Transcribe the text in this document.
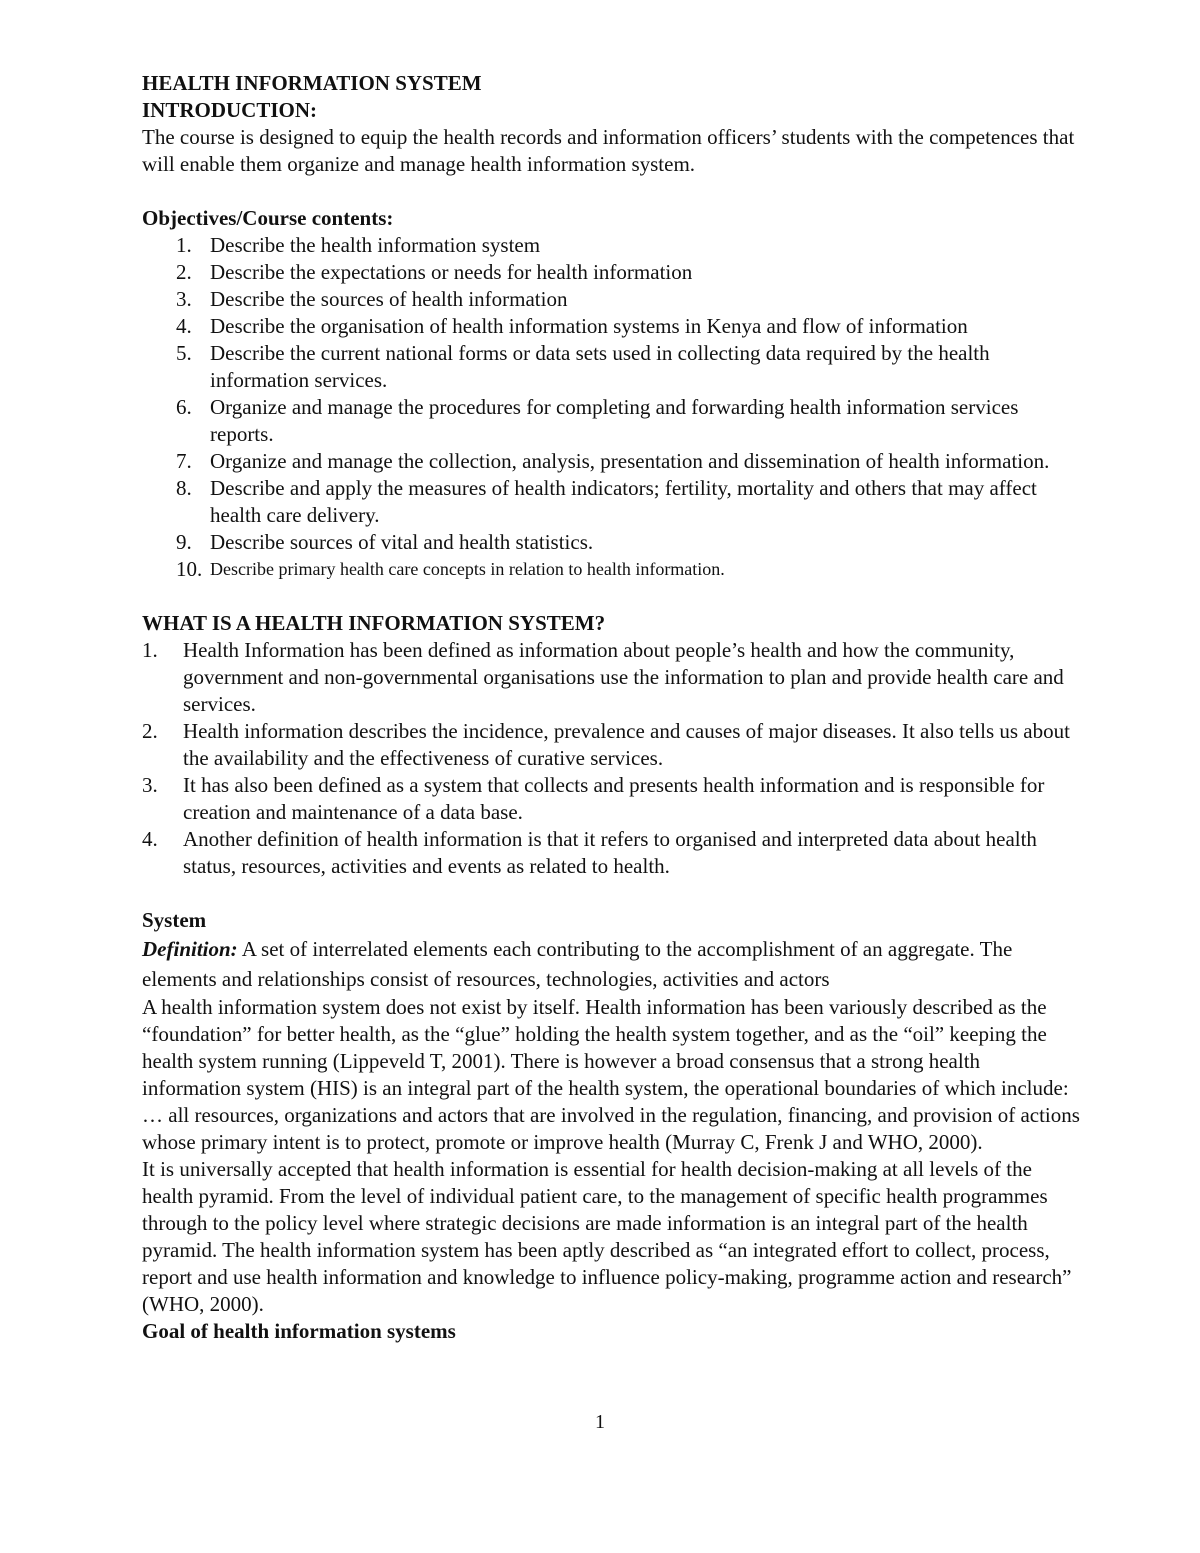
HEALTH INFORMATION SYSTEM

INTRODUCTION:

The course is designed to equip the health records and information officers’ students with the competences that will enable them organize and manage health information system.

Objectives/Course contents:

1. Describe the health information system
2. Describe the expectations or needs for health information
3. Describe the sources of health information
4. Describe the organisation of health information systems in Kenya and flow of information
5. Describe the current national forms or data sets used in collecting data required by the health information services.
6. Organize and manage the procedures for completing and forwarding health information services reports.
7. Organize and manage the collection, analysis, presentation and dissemination of health information.
8. Describe and apply the measures of health indicators; fertility, mortality and others that may affect health care delivery.
9. Describe sources of vital and health statistics.
10. Describe primary health care concepts in relation to health information.

WHAT IS A HEALTH INFORMATION SYSTEM?

1. Health Information has been defined as information about people’s health and how the community, government and non-governmental organisations use the information to plan and provide health care and services.
2. Health information describes the incidence, prevalence and causes of major diseases. It also tells us about the availability and the effectiveness of curative services.
3. It has also been defined as a system that collects and presents health information and is responsible for creation and maintenance of a data base.
4. Another definition of health information is that it refers to organised and interpreted data about health status, resources, activities and events as related to health.

System

Definition: A set of interrelated elements each contributing to the accomplishment of an aggregate. The elements and relationships consist of resources, technologies, activities and actors

A health information system does not exist by itself. Health information has been variously described as the “foundation” for better health, as the “glue” holding the health system together, and as the “oil” keeping the health system running (Lippeveld T, 2001). There is however a broad consensus that a strong health information system (HIS) is an integral part of the health system, the operational boundaries of which include: … all resources, organizations and actors that are involved in the regulation, financing, and provision of actions whose primary intent is to protect, promote or improve health (Murray C, Frenk J and WHO, 2000).

It is universally accepted that health information is essential for health decision-making at all levels of the health pyramid. From the level of individual patient care, to the management of specific health programmes through to the policy level where strategic decisions are made information is an integral part of the health pyramid. The health information system has been aptly described as “an integrated effort to collect, process, report and use health information and knowledge to influence policy-making, programme action and research” (WHO, 2000).

Goal of health information systems

1
